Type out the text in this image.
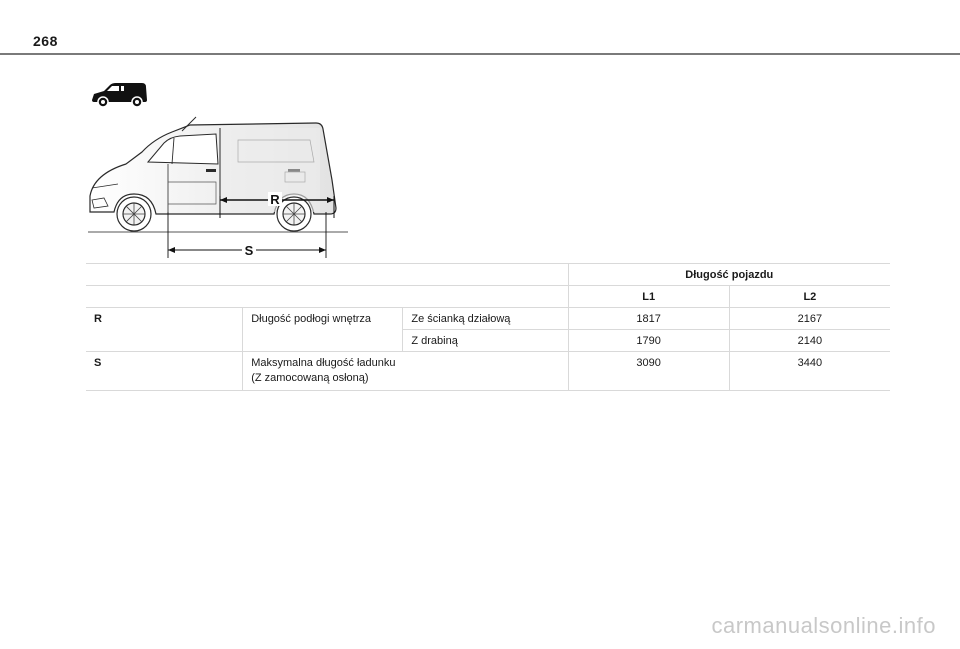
268
R
S
			Długość pojazdu	
			L1	L2
R	Długość podłogi wnętrza	Ze ścianką działową	1817	2167
		Z drabiną	1790	2140
S	Maksymalna długość ładunku
(Z zamocowaną osłoną)		3090	3440
carmanualsonline.info
